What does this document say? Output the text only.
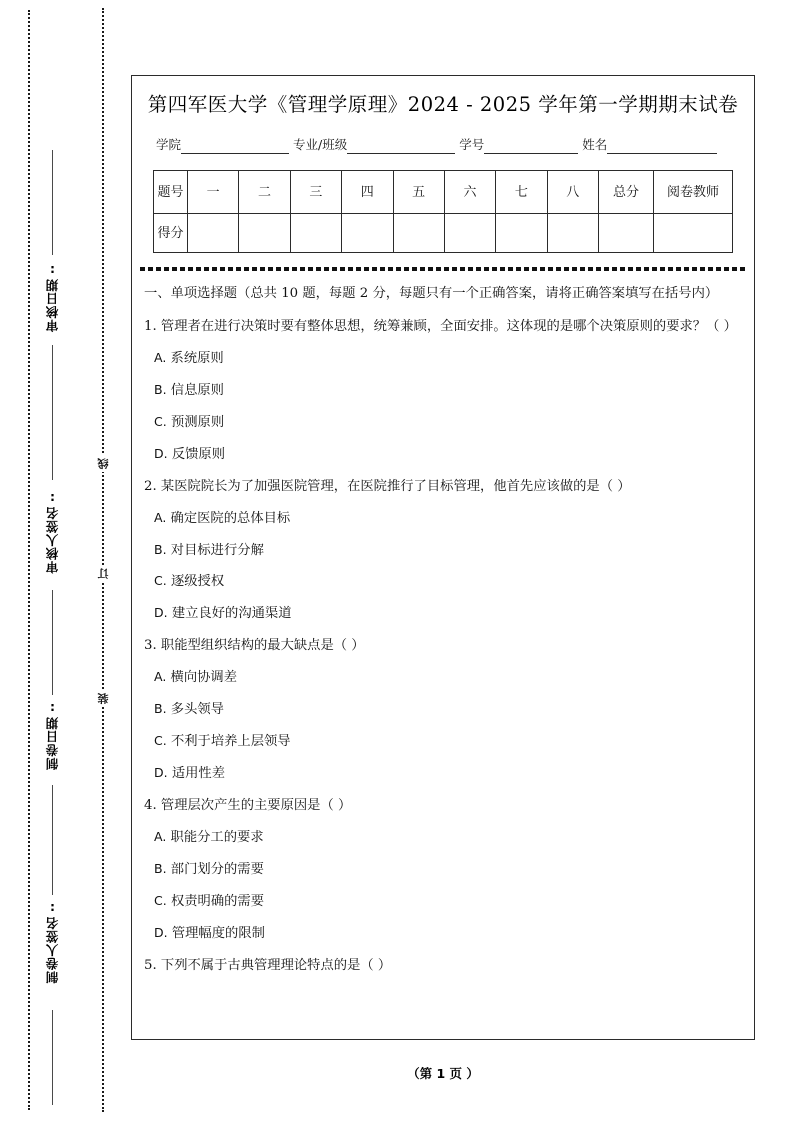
审核日期:
审核人签名:
制卷日期:
制卷人签名:
线
订
装
第四军医大学《管理学原理》2024 - 2025 学年第一学期期末试卷
学院	专业/班级	学号	姓名
题号	一	二	三	四	五	六	七	八	总分	阅卷教师
得分										
一、单项选择题（总共 10 题，每题 2 分，每题只有一个正确答案，请将正确答案填写在括号内）
1. 管理者在进行决策时要有整体思想，统筹兼顾，全面安排。这体现的是哪个决策原则的要求？（ ）
A. 系统原则
B. 信息原则
C. 预测原则
D. 反馈原则
2. 某医院院长为了加强医院管理，在医院推行了目标管理，他首先应该做的是（ ）
A. 确定医院的总体目标
B. 对目标进行分解
C. 逐级授权
D. 建立良好的沟通渠道
3. 职能型组织结构的最大缺点是（ ）
A. 横向协调差
B. 多头领导
C. 不利于培养上层领导
D. 适用性差
4. 管理层次产生的主要原因是（ ）
A. 职能分工的要求
B. 部门划分的需要
C. 权责明确的需要
D. 管理幅度的限制
5. 下列不属于古典管理理论特点的是（ ）
（第 1 页 ）
